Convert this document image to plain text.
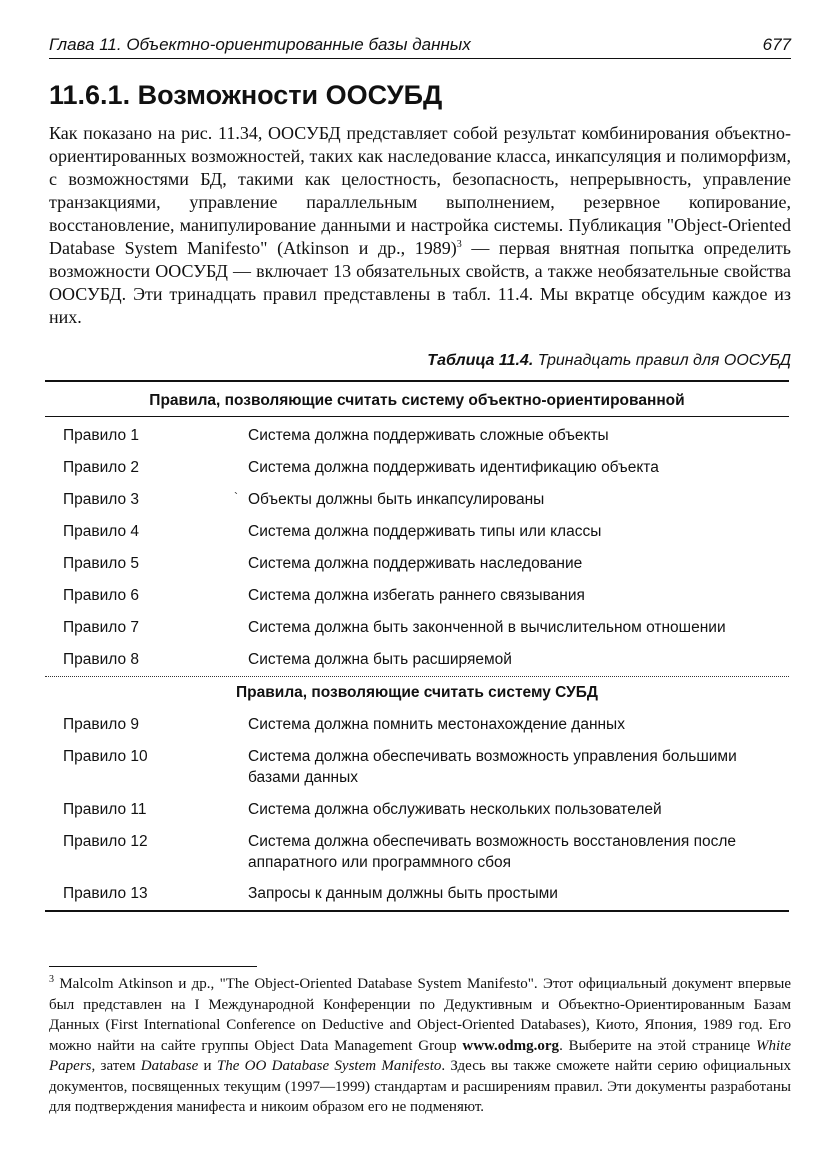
Глава 11. Объектно-ориентированные базы данных	677
11.6.1. Возможности ООСУБД

Как показано на рис. 11.34, ООСУБД представляет собой результат комбинирования объектно-ориентированных возможностей, таких как наследование класса, инкапсуляция и полиморфизм, с возможностями БД, такими как целостность, безопасность, непрерывность, управление транзакциями, управление параллельным выполнением, резервное копирование, восстановление, манипулирование данными и настройка системы. Публикация "Object-Oriented Database System Manifesto" (Atkinson и др., 1989)$^3$ — первая внятная попытка определить возможности ООСУБД — включает 13 обязательных свойств, а также необязательные свойства ООСУБД. Эти тринадцать правил представлены в табл. 11.4. Мы вкратце обсудим каждое из них.

Таблица 11.4. Тринадцать правил для ООСУБД
Правила, позволяющие считать систему объектно-ориентированной
Правило 1	Система должна поддерживать сложные объекты
Правило 2	Система должна поддерживать идентификацию объекта
Правило 3	` Объекты должны быть инкапсулированы
Правило 4	Система должна поддерживать типы или классы
Правило 5	Система должна поддерживать наследование
Правило 6	Система должна избегать раннего связывания
Правило 7	Система должна быть законченной в вычислительном отношении
Правило 8	Система должна быть расширяемой
Правила, позволяющие считать систему СУБД
Правило 9	Система должна помнить местонахождение данных
Правило 10	Система должна обеспечивать возможность управления большими базами данных
Правило 11	Система должна обслуживать нескольких пользователей
Правило 12	Система должна обеспечивать возможность восстановления после аппаратного или программного сбоя
Правило 13	Запросы к данным должны быть простыми

$^3$ Malcolm Atkinson и др., "The Object-Oriented Database System Manifesto". Этот официальный документ впервые был представлен на I Международной Конференции по Дедуктивным и Объектно-Ориентированным Базам Данных (First International Conference on Deductive and Object-Oriented Databases), Киото, Япония, 1989 год. Его можно найти на сайте группы Object Data Management Group www.odmg.org. Выберите на этой странице White Papers, затем Database и The OO Database System Manifesto. Здесь вы также сможете найти серию официальных документов, посвященных текущим (1997—1999) стандартам и расширениям правил. Эти документы разработаны для подтверждения манифеста и никоим образом его не подменяют.
